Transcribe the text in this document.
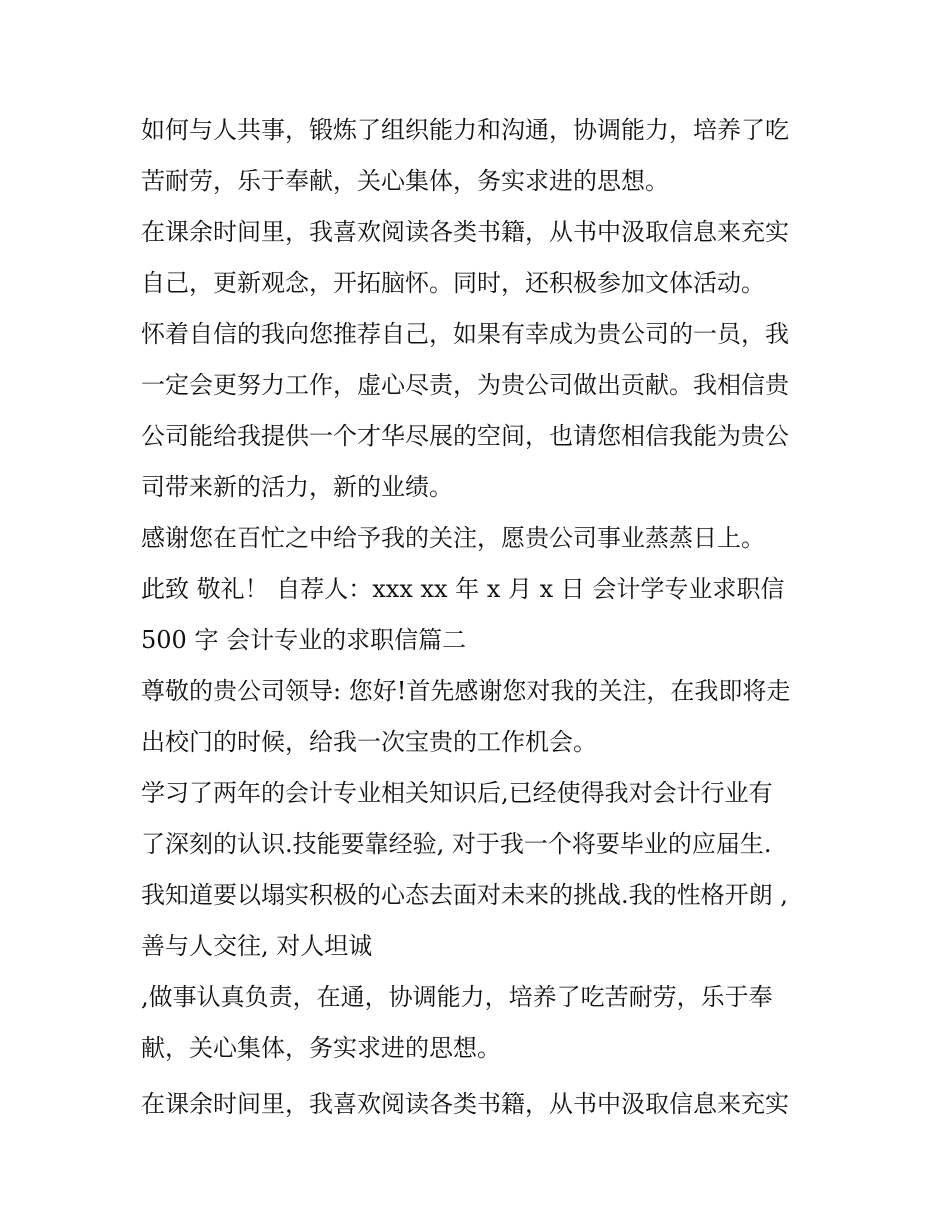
如何与人共事，锻炼了组织能力和沟通，协调能力，培养了吃
苦耐劳，乐于奉献，关心集体，务实求进的思想。
在课余时间里，我喜欢阅读各类书籍，从书中汲取信息来充实
自己，更新观念，开拓脑怀。同时，还积极参加文体活动。
怀着自信的我向您推荐自己，如果有幸成为贵公司的一员，我
一定会更努力工作，虚心尽责，为贵公司做出贡献。我相信贵
公司能给我提供一个才华尽展的空间，也请您相信我能为贵公
司带来新的活力，新的业绩。
感谢您在百忙之中给予我的关注，愿贵公司事业蒸蒸日上。
此致 敬礼！ 自荐人：xxx xx 年 x 月 x 日 会计学专业求职信
500 字 会计专业的求职信篇二
尊敬的贵公司领导: 您好!首先感谢您对我的关注，在我即将走
出校门的时候，给我一次宝贵的工作机会。
学习了两年的会计专业相关知识后,已经使得我对会计行业有
了深刻的认识.技能要靠经验, 对于我一个将要毕业的应届生.
我知道要以塌实积极的心态去面对未来的挑战.我的性格开朗 ,
善与人交往, 对人坦诚
,做事认真负责，在通，协调能力，培养了吃苦耐劳，乐于奉
献，关心集体，务实求进的思想。
在课余时间里，我喜欢阅读各类书籍，从书中汲取信息来充实
